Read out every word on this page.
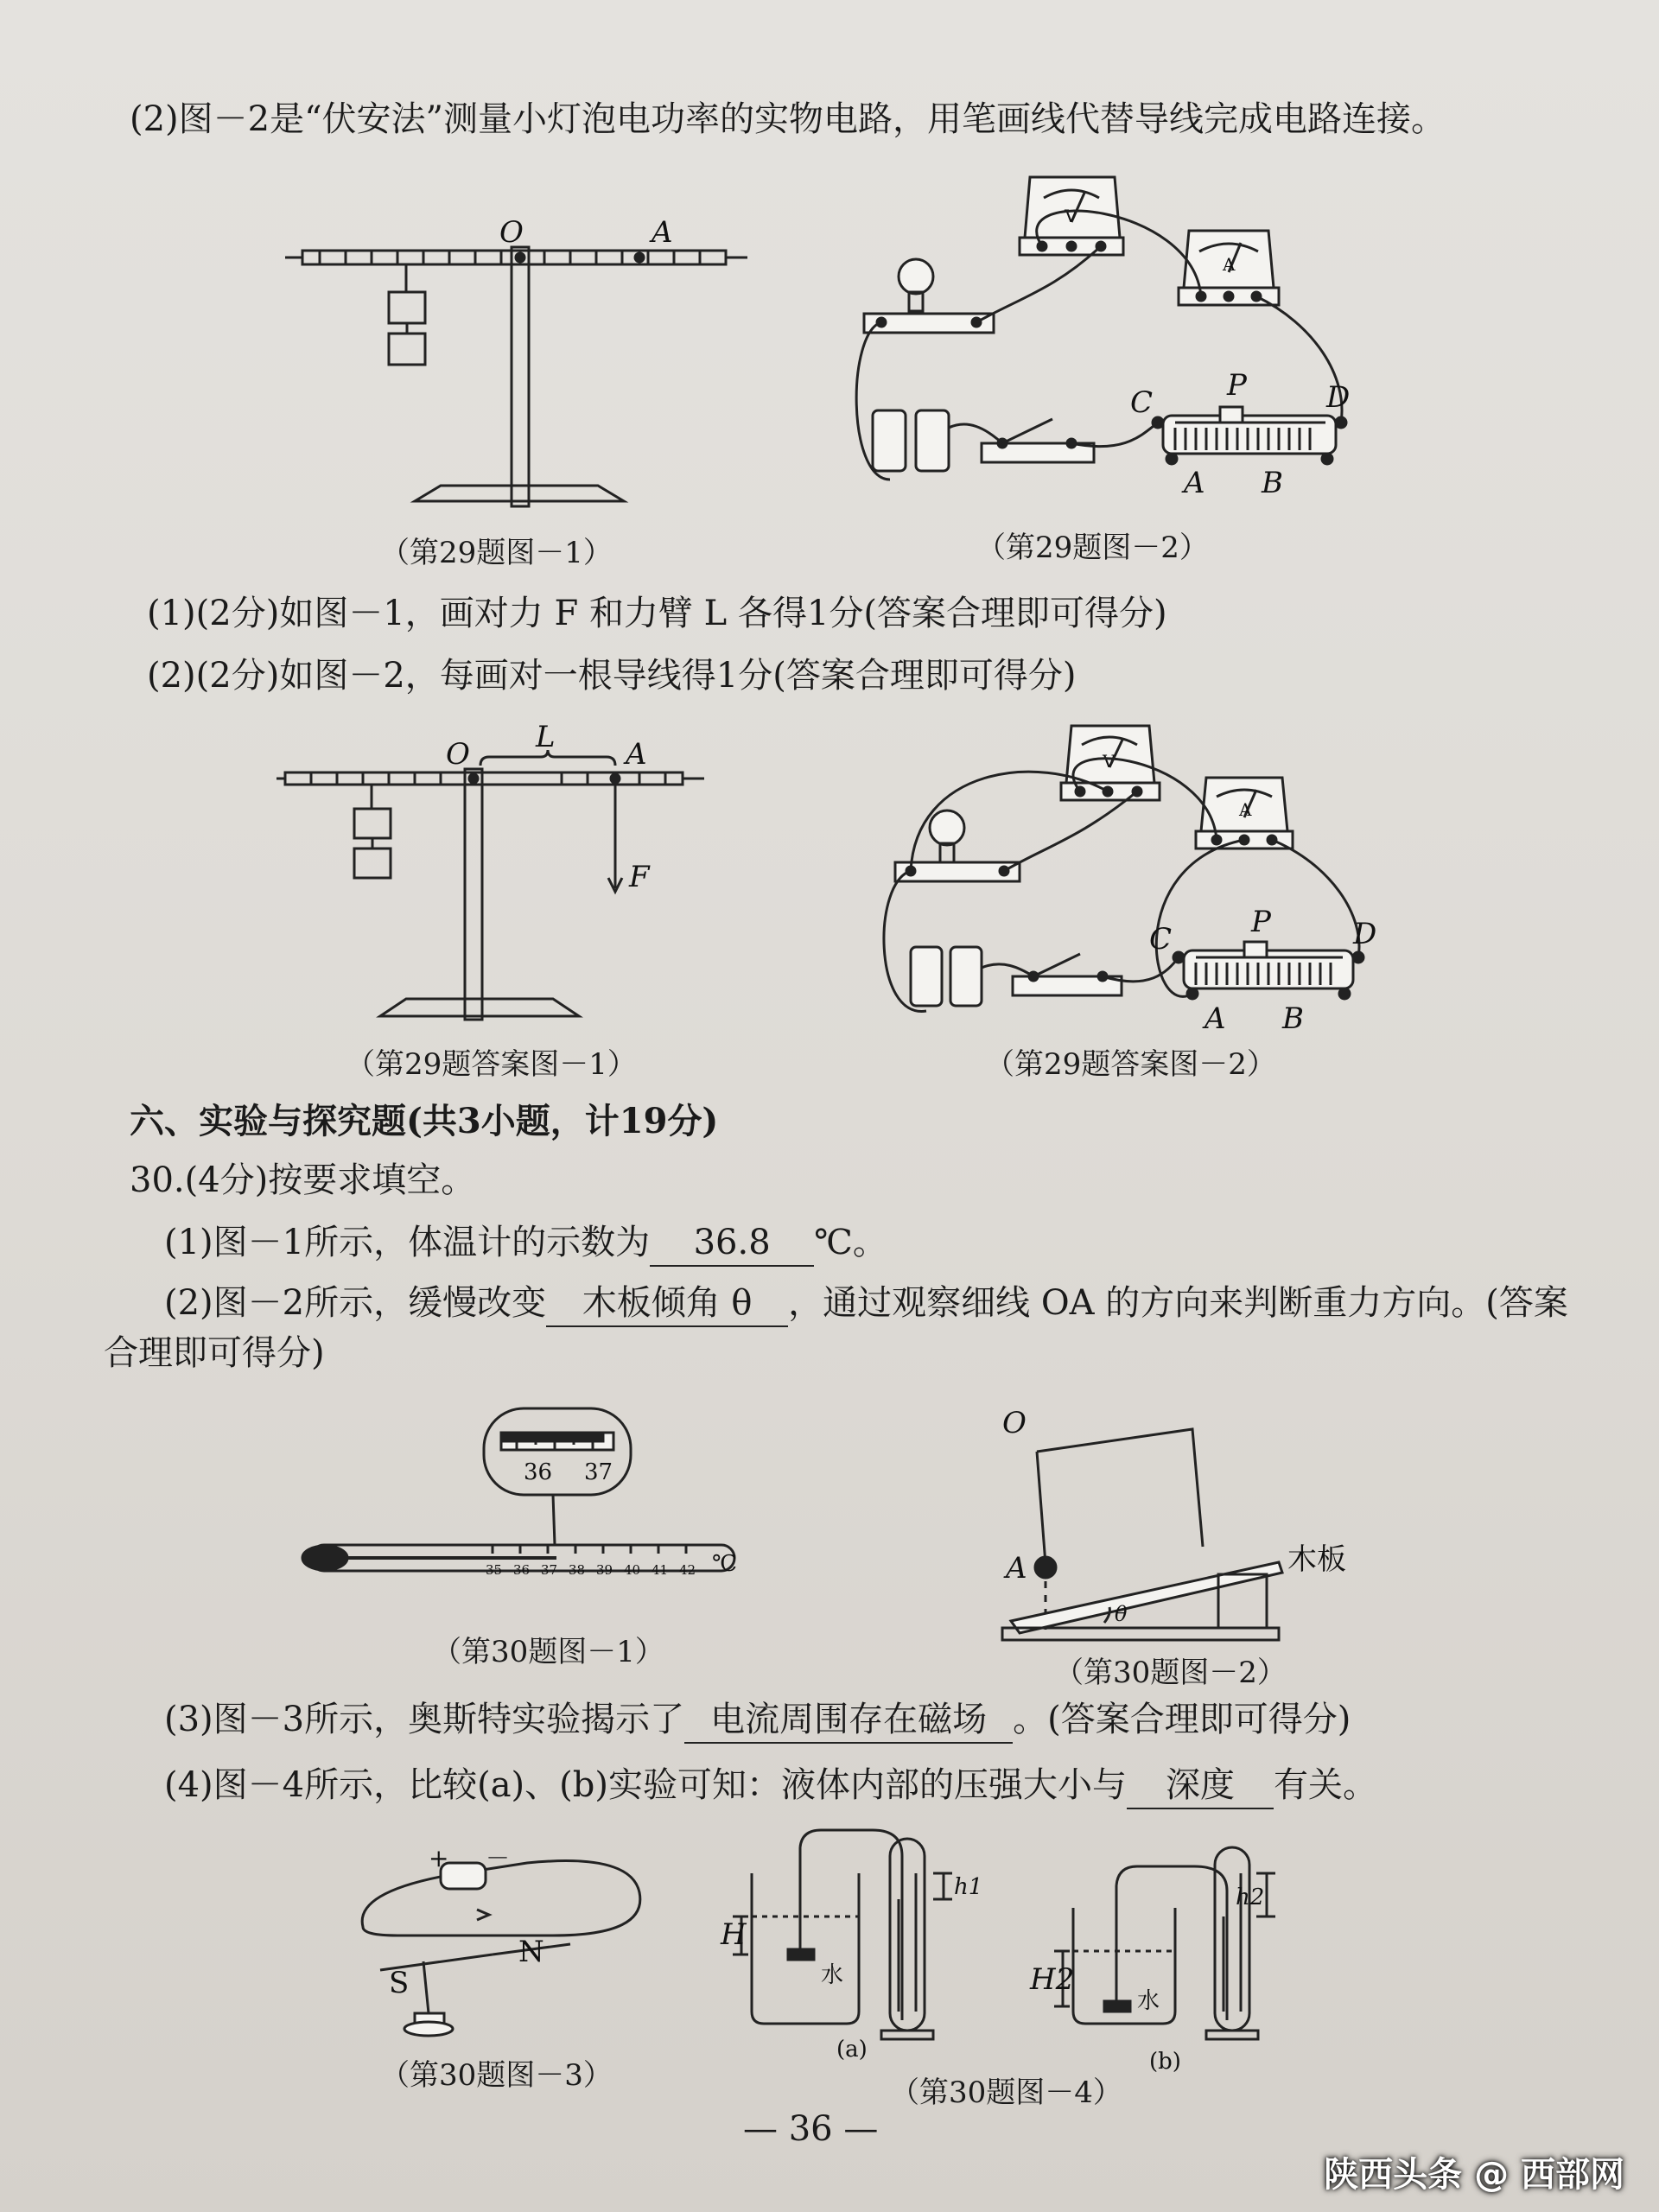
(2)图－2是“伏安法”测量小灯泡电功率的实物电路，用笔画线代替导线完成电路连接。
O	A
（第29题图－1）
V
A
C	P	D
A B
（第29题图－2）
(1)(2分)如图－1，画对力 F 和力臂 L 各得1分(答案合理即可得分)
(2)(2分)如图－2，每画对一根导线得1分(答案合理即可得分)
O L A
F
（第29题答案图－1）
V
A
C	P	D
A B
（第29题答案图－2）
六、实验与探究题(共3小题，计19分)
30.(4分)按要求填空。
(1)图－1所示，体温计的示数为 36.8 ℃。
(2)图－2所示，缓慢改变 木板倾角 θ ，通过观察细线 OA 的方向来判断重力方向。(答案
合理即可得分)
36 37
35 36 37 38 39 40 41 42 ℃
（第30题图－1）
O
A	木板
θ
（第30题图－2）
(3)图－3所示，奥斯特实验揭示了 电流周围存在磁场 。(答案合理即可得分)
(4)图－4所示，比较(a)、(b)实验可知：液体内部的压强大小与 深度 有关。
+ －
S
N
（第30题图－3）
H
h1
水
(a)
H2
h2
水
(b)
（第30题图－4）
— 36 —
陕西头条 @ 西部网
